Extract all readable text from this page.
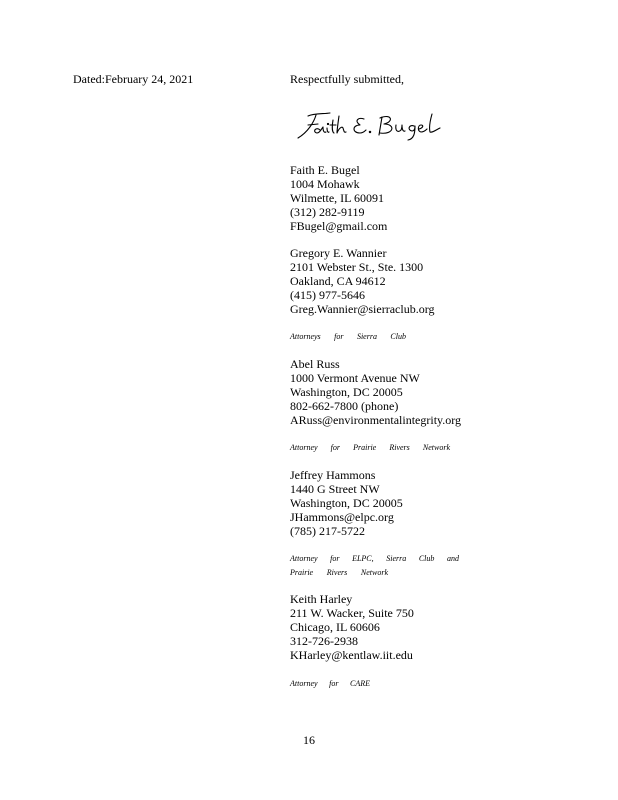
Dated:February 24, 2021	Respectfully submitted,
Faith E. Bugel
1004 Mohawk
Wilmette, IL 60091
(312) 282-9119
FBugel@gmail.com
Gregory E. Wannier
2101 Webster St., Ste. 1300
Oakland, CA 94612
(415) 977-5646
Greg.Wannier@sierraclub.org
Attorneys for Sierra Club
Abel Russ
1000 Vermont Avenue NW
Washington, DC 20005
802-662-7800 (phone)
ARuss@environmentalintegrity.org
Attorney for Prairie Rivers Network
Jeffrey Hammons
1440 G Street NW
Washington, DC 20005
JHammons@elpc.org
(785) 217-5722
Attorney for ELPC, Sierra Club and
Prairie Rivers Network
Keith Harley
211 W. Wacker, Suite 750
Chicago, IL 60606
312-726-2938
KHarley@kentlaw.iit.edu
Attorney for CARE
16
